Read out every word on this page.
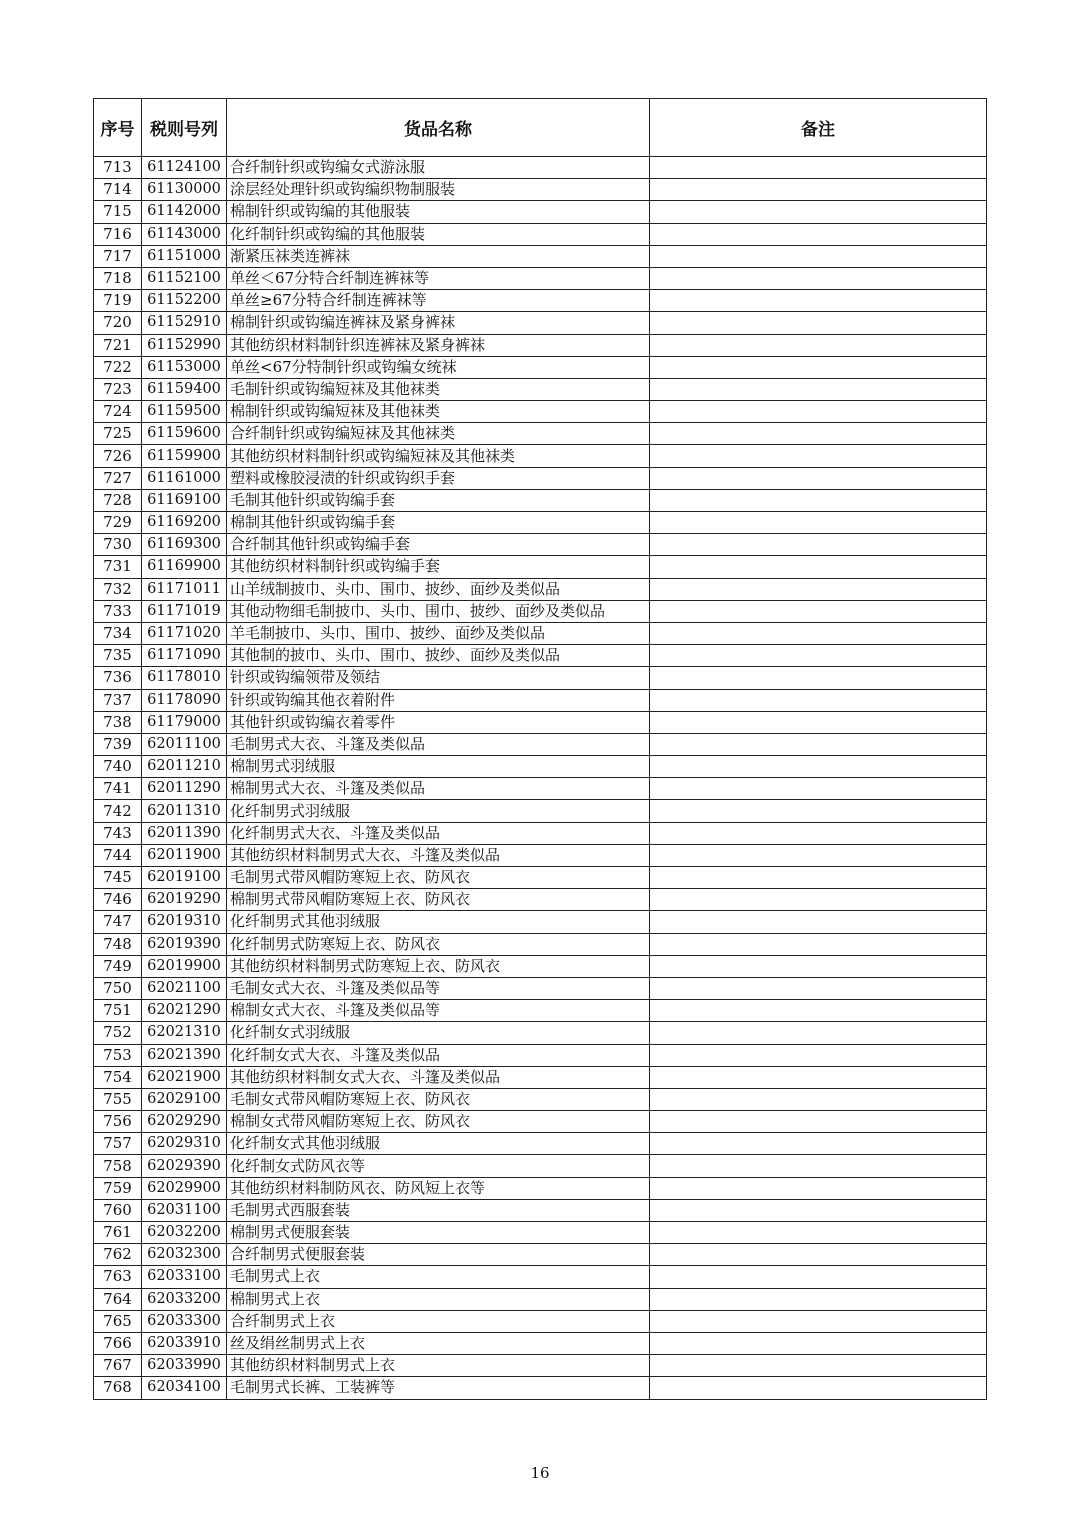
序号	税则号列	货品名称	备注
713	61124100	合纤制针织或钩编女式游泳服	
714	61130000	涂层经处理针织或钩编织物制服装	
715	61142000	棉制针织或钩编的其他服装	
716	61143000	化纤制针织或钩编的其他服装	
717	61151000	渐紧压袜类连裤袜	
718	61152100	单丝＜67分特合纤制连裤袜等	
719	61152200	单丝≥67分特合纤制连裤袜等	
720	61152910	棉制针织或钩编连裤袜及紧身裤袜	
721	61152990	其他纺织材料制针织连裤袜及紧身裤袜	
722	61153000	单丝<67分特制针织或钩编女统袜	
723	61159400	毛制针织或钩编短袜及其他袜类	
724	61159500	棉制针织或钩编短袜及其他袜类	
725	61159600	合纤制针织或钩编短袜及其他袜类	
726	61159900	其他纺织材料制针织或钩编短袜及其他袜类	
727	61161000	塑料或橡胶浸渍的针织或钩织手套	
728	61169100	毛制其他针织或钩编手套	
729	61169200	棉制其他针织或钩编手套	
730	61169300	合纤制其他针织或钩编手套	
731	61169900	其他纺织材料制针织或钩编手套	
732	61171011	山羊绒制披巾、头巾、围巾、披纱、面纱及类似品	
733	61171019	其他动物细毛制披巾、头巾、围巾、披纱、面纱及类似品	
734	61171020	羊毛制披巾、头巾、围巾、披纱、面纱及类似品	
735	61171090	其他制的披巾、头巾、围巾、披纱、面纱及类似品	
736	61178010	针织或钩编领带及领结	
737	61178090	针织或钩编其他衣着附件	
738	61179000	其他针织或钩编衣着零件	
739	62011100	毛制男式大衣、斗篷及类似品	
740	62011210	棉制男式羽绒服	
741	62011290	棉制男式大衣、斗篷及类似品	
742	62011310	化纤制男式羽绒服	
743	62011390	化纤制男式大衣、斗篷及类似品	
744	62011900	其他纺织材料制男式大衣、斗篷及类似品	
745	62019100	毛制男式带风帽防寒短上衣、防风衣	
746	62019290	棉制男式带风帽防寒短上衣、防风衣	
747	62019310	化纤制男式其他羽绒服	
748	62019390	化纤制男式防寒短上衣、防风衣	
749	62019900	其他纺织材料制男式防寒短上衣、防风衣	
750	62021100	毛制女式大衣、斗篷及类似品等	
751	62021290	棉制女式大衣、斗篷及类似品等	
752	62021310	化纤制女式羽绒服	
753	62021390	化纤制女式大衣、斗篷及类似品	
754	62021900	其他纺织材料制女式大衣、斗篷及类似品	
755	62029100	毛制女式带风帽防寒短上衣、防风衣	
756	62029290	棉制女式带风帽防寒短上衣、防风衣	
757	62029310	化纤制女式其他羽绒服	
758	62029390	化纤制女式防风衣等	
759	62029900	其他纺织材料制防风衣、防风短上衣等	
760	62031100	毛制男式西服套装	
761	62032200	棉制男式便服套装	
762	62032300	合纤制男式便服套装	
763	62033100	毛制男式上衣	
764	62033200	棉制男式上衣	
765	62033300	合纤制男式上衣	
766	62033910	丝及绢丝制男式上衣	
767	62033990	其他纺织材料制男式上衣	
768	62034100	毛制男式长裤、工装裤等	
16
